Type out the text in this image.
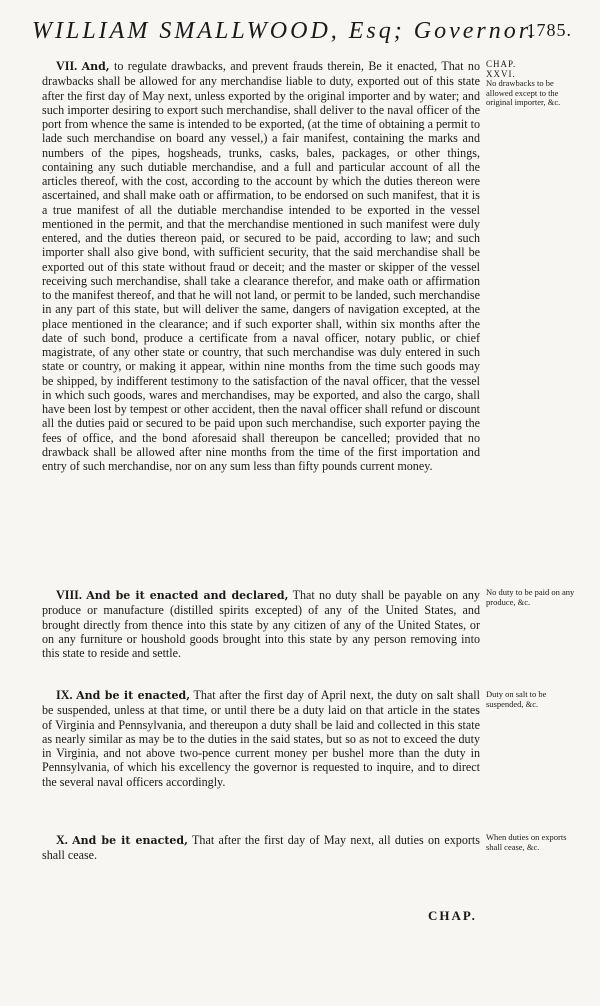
WILLIAM SMALLWOOD, Esq; Governor.
1785.

VII. And, to regulate drawbacks, and prevent frauds therein, Be it enacted, That no drawbacks shall be allowed for any merchandise liable to duty, exported out of this state after the first day of May next, unless exported by the original importer and by water; and such importer desiring to export such merchandise, shall deliver to the naval officer of the port from whence the same is intended to be exported, (at the time of obtaining a permit to lade such merchandise on board any vessel,) a fair manifest, containing the marks and numbers of the pipes, hogsheads, trunks, casks, bales, packages, or other things, containing any such dutiable merchandise, and a full and particular account of all the articles thereof, with the cost, according to the account by which the duties thereon were ascertained, and shall make oath or affirmation, to be endorsed on such manifest, that it is a true manifest of all the dutiable merchandise intended to be exported in the vessel mentioned in the permit, and that the merchandise mentioned in such manifest were duly entered, and the duties thereon paid, or secured to be paid, according to law; and such importer shall also give bond, with sufficient security, that the said merchandise shall be exported out of this state without fraud or deceit; and the master or skipper of the vessel receiving such merchandise, shall take a clearance therefor, and make oath or affirmation to the manifest thereof, and that he will not land, or permit to be landed, such merchandise in any part of this state, but will deliver the same, dangers of navigation excepted, at the place mentioned in the clearance; and if such exporter shall, within six months after the date of such bond, produce a certificate from a naval officer, notary public, or chief magistrate, of any other state or country, that such merchandise was duly entered in such state or country, or making it appear, within nine months from the time such goods may be shipped, by indifferent testimony to the satisfaction of the naval officer, that the vessel in which such goods, wares and merchandises, may be exported, and also the cargo, shall have been lost by tempest or other accident, then the naval officer shall refund or discount all the duties paid or secured to be paid upon such merchandise, such exporter paying the fees of office, and the bond aforesaid shall thereupon be cancelled; provided that no drawback shall be allowed after nine months from the time of the first importation and entry of such merchandise, nor on any sum less than fifty pounds current money.

CHAP.
XXVI.
No drawbacks to be allowed except to the original importer, &c.

VIII. And be it enacted and declared, That no duty shall be payable on any produce or manufacture (distilled spirits excepted) of any of the United States, and brought directly from thence into this state by any citizen of any of the United States, or on any furniture or houshold goods brought into this state by any person removing into this state to reside and settle.

No duty to be paid on any produce, &c.

IX. And be it enacted, That after the first day of April next, the duty on salt shall be suspended, unless at that time, or until there be a duty laid on that article in the states of Virginia and Pennsylvania, and thereupon a duty shall be laid and collected in this state as nearly similar as may be to the duties in the said states, but so as not to exceed the duty in Virginia, and not above two-pence current money per bushel more than the duty in Pennsylvania, of which his excellency the governor is requested to inquire, and to direct the several naval officers accordingly.

Duty on salt to be suspended, &c.

X. And be it enacted, That after the first day of May next, all duties on exports shall cease.

When duties on exports shall cease, &c.
CHAP.
